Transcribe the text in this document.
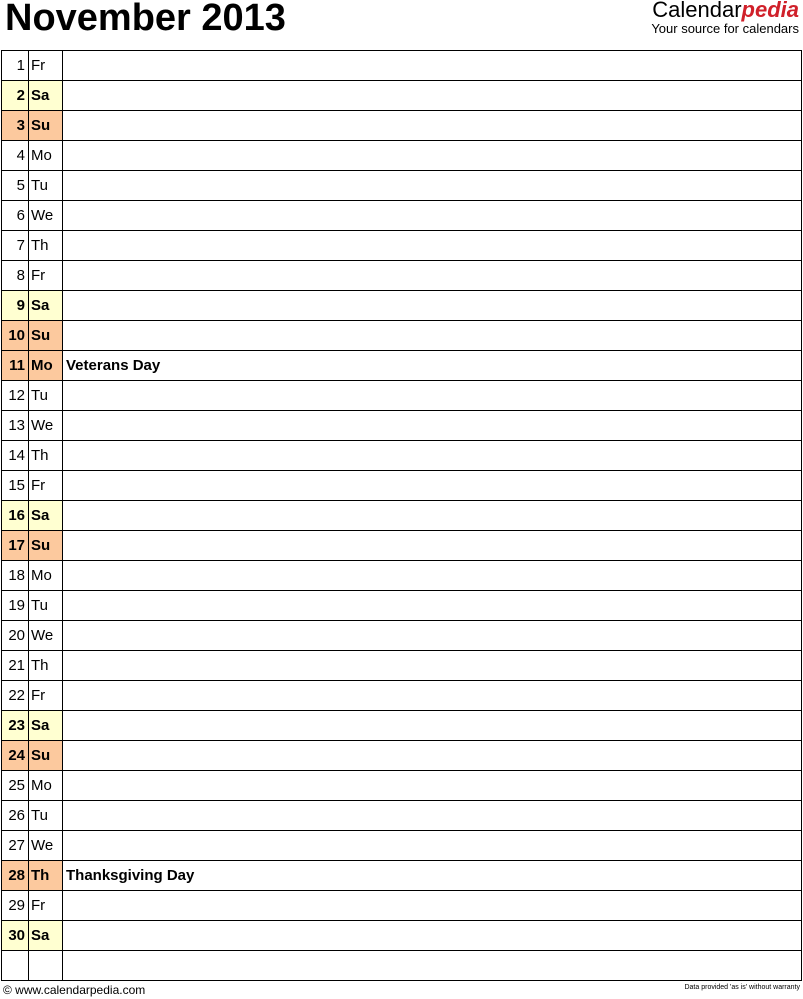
November 2013	Calendarpedia
Your source for calendars
1	Fr	
2	Sa	
3	Su	
4	Mo	
5	Tu	
6	We	
7	Th	
8	Fr	
9	Sa	
10	Su	
11	Mo	Veterans Day
12	Tu	
13	We	
14	Th	
15	Fr	
16	Sa	
17	Su	
18	Mo	
19	Tu	
20	We	
21	Th	
22	Fr	
23	Sa	
24	Su	
25	Mo	
26	Tu	
27	We	
28	Th	Thanksgiving Day
29	Fr	
30	Sa	

© www.calendarpedia.com	Data provided 'as is' without warranty
